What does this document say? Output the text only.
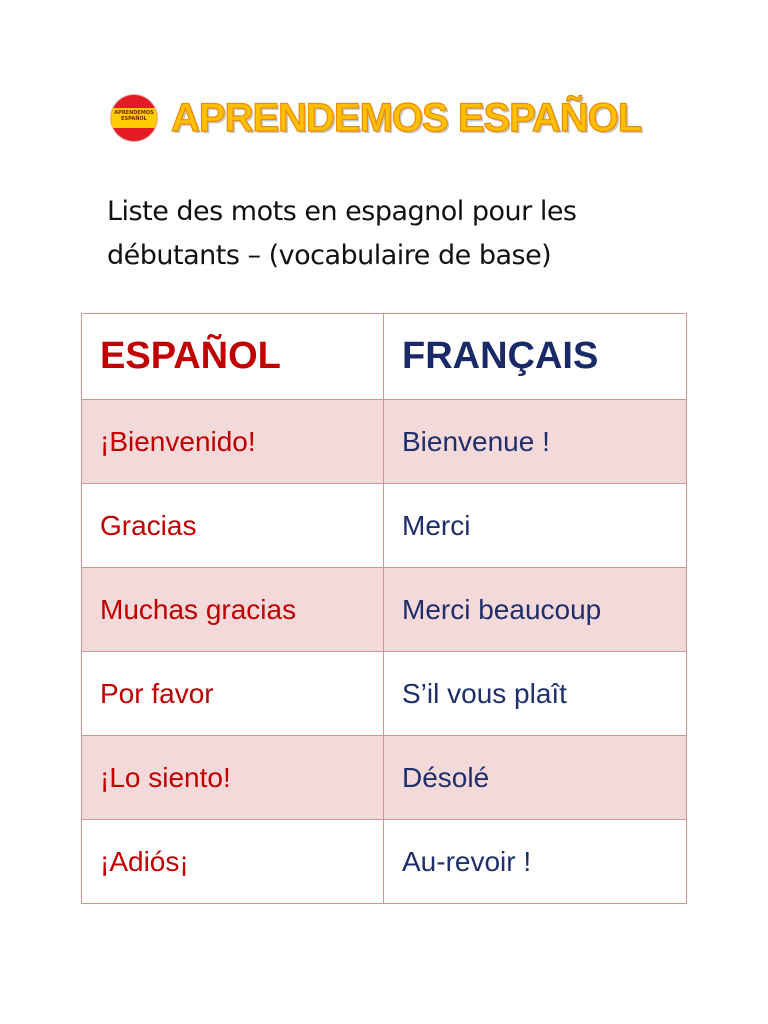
APRENDEMOS
ESPAÑOL APRENDEMOS ESPAÑOL

Liste des mots en espagnol pour les
débutants – (vocabulaire de base)

ESPAÑOL	FRANÇAIS
¡Bienvenido!	Bienvenue !
Gracias	Merci
Muchas gracias	Merci beaucoup
Por favor	S’il vous plaît
¡Lo siento!	Désolé
¡Adiós¡	Au-revoir !
